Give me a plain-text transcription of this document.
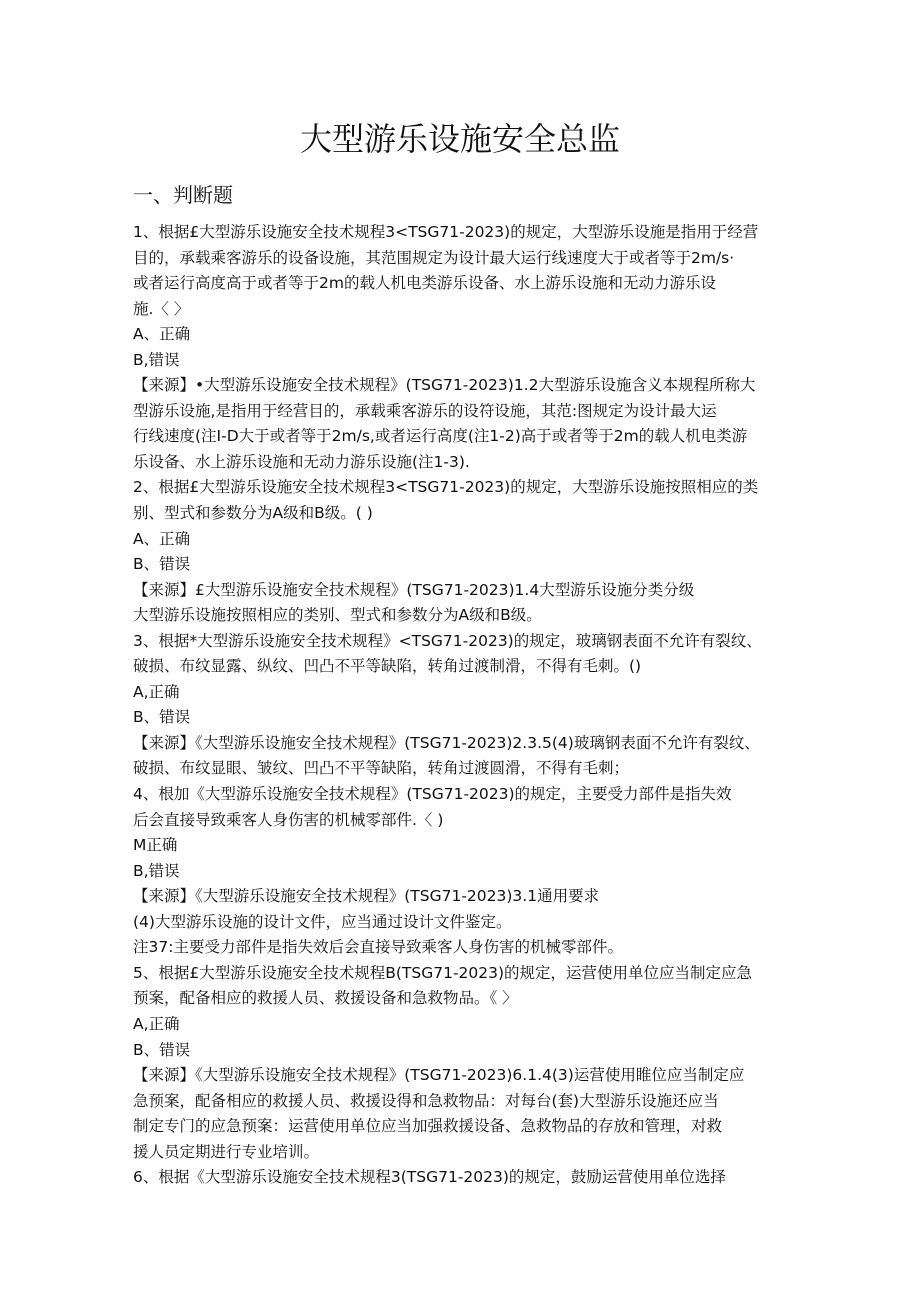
大型游乐设施安全总监
一、判断题
1、根据£大型游乐设施安全技术规程3<TSG71-2023)的规定，大型游乐设施是指用于经营
目的，承载乘客游乐的设备设施，其范围规定为设计最大运行线速度大于或者等于2m∕s·
或者运行高度高于或者等于2m的载人机电类游乐设备、水上游乐设施和无动力游乐设
施.〈 〉
A、正确
B,错误
【来源】•大型游乐设施安全技术规程》(TSG71-2023)1.2大型游乐设施含义本规程所称大
型游乐设施,是指用于经营目的，承载乘客游乐的设符设施，其范:图规定为设计最大运
行线速度(注I-D大于或者等于2m∕s,或者运行高度(注1-2)高于或者等于2m的载人机电类游
乐设备、水上游乐设施和无动力游乐设施(注1-3).
2、根据£大型游乐设施安全技术规程3<TSG71-2023)的规定，大型游乐设施按照相应的类
别、型式和参数分为A级和B级。( )
A、正确
B、错误
【来源】£大型游乐设施安全技术规程》(TSG71-2023)1.4大型游乐设施分类分级
大型游乐设施按照相应的类别、型式和参数分为A级和B级。
3、根据*大型游乐设施安全技术规程》<TSG71-2023)的规定，玻璃钢表面不允许有裂纹、
破损、布纹显露、纵纹、凹凸不平等缺陷，转角过渡制滑，不得有毛刺。()
A,正确
B、错误
【来源】《大型游乐设施安全技术规程》(TSG71-2023)2.3.5(4)玻璃钢表面不允许有裂纹、
破损、布纹显眼、皱纹、凹凸不平等缺陷，转角过渡圆滑，不得有毛刺；
4、根加《大型游乐设施安全技术规程》(TSG71-2023)的规定，主要受力部件是指失效
后会直接导致乘客人身伤害的机械零部件.〈 )
M正确
B,错误
【来源】《大型游乐设施安全技术规程》(TSG71-2023)3.1通用要求
(4)大型游乐设施的设计文件，应当通过设计文件鉴定。
注37:主要受力部件是指失效后会直接导致乘客人身伤害的机械零部件。
5、根据£大型游乐设施安全技术规程B(TSG71-2023)的规定，运营使用单位应当制定应急
预案，配备相应的救援人员、救援设备和急救物品。《 〉
A,正确
B、错误
【来源】《大型游乐设施安全技术规程》(TSG71-2023)6.1.4(3)运营使用睢位应当制定应
急预案，配备相应的救援人员、救援设得和急救物品：对每台(套)大型游乐设施还应当
制定专门的应急预案：运营使用单位应当加强救援设备、急救物品的存放和管理，对救
援人员定期进行专业培训。
6、根据《大型游乐设施安全技术规程3(TSG71-2023)的规定，鼓励运营使用单位选择
